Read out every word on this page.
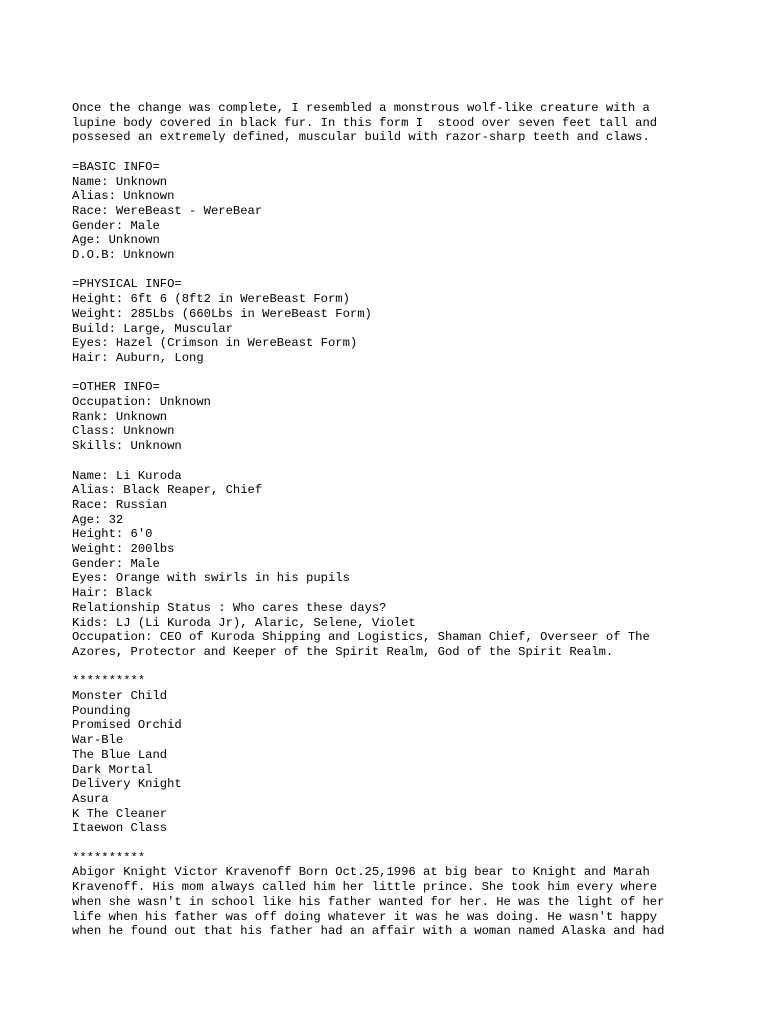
Once the change was complete, I resembled a monstrous wolf-like creature with a
lupine body covered in black fur. In this form I  stood over seven feet tall and
possesed an extremely defined, muscular build with razor-sharp teeth and claws.
=BASIC INFO=
Name: Unknown
Alias: Unknown
Race: WereBeast - WereBear
Gender: Male
Age: Unknown
D.O.B: Unknown
=PHYSICAL INFO=
Height: 6ft 6 (8ft2 in WereBeast Form)
Weight: 285Lbs (660Lbs in WereBeast Form)
Build: Large, Muscular
Eyes: Hazel (Crimson in WereBeast Form)
Hair: Auburn, Long
=OTHER INFO=
Occupation: Unknown
Rank: Unknown
Class: Unknown
Skills: Unknown
Name: Li Kuroda
Alias: Black Reaper, Chief
Race: Russian
Age: 32
Height: 6'0
Weight: 200lbs
Gender: Male
Eyes: Orange with swirls in his pupils
Hair: Black
Relationship Status : Who cares these days?
Kids: LJ (Li Kuroda Jr), Alaric, Selene, Violet
Occupation: CEO of Kuroda Shipping and Logistics, Shaman Chief, Overseer of The
Azores, Protector and Keeper of the Spirit Realm, God of the Spirit Realm.
**********
Monster Child
Pounding
Promised Orchid
War-Ble
The Blue Land
Dark Mortal
Delivery Knight
Asura
K The Cleaner
Itaewon Class
**********
Abigor Knight Victor Kravenoff Born Oct.25,1996 at big bear to Knight and Marah
Kravenoff. His mom always called him her little prince. She took him every where
when she wasn't in school like his father wanted for her. He was the light of her
life when his father was off doing whatever it was he was doing. He wasn't happy
when he found out that his father had an affair with a woman named Alaska and had
